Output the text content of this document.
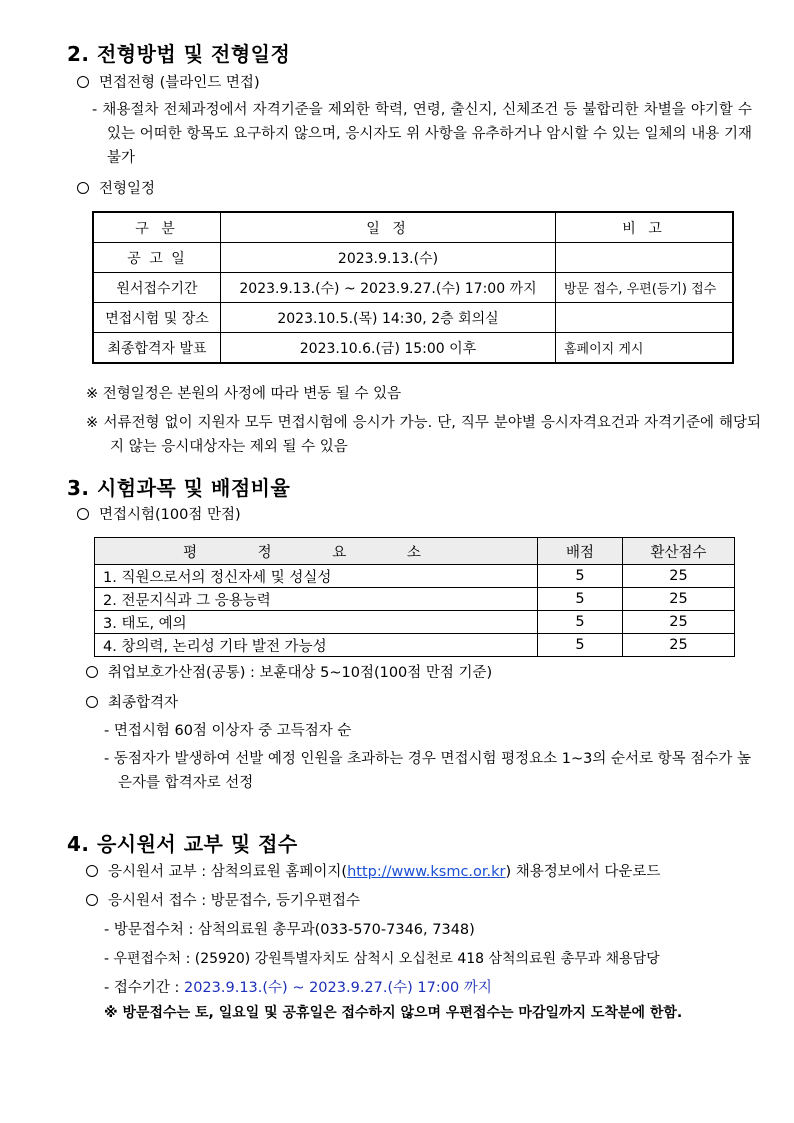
2. 전형방법 및 전형일정
면접전형 (블라인드 면접)
- 채용절차 전체과정에서 자격기준을 제외한 학력, 연령, 출신지, 신체조건 등 불합리한 차별을 야기할 수 있는 어떠한 항목도 요구하지 않으며, 응시자도 위 사항을 유추하거나 암시할 수 있는 일체의 내용 기재 불가
전형일정
구 분	일 정	비 고
공 고 일	2023.9.13.(수)	
원서접수기간	2023.9.13.(수) ~ 2023.9.27.(수) 17:00 까지	방문 접수, 우편(등기) 접수
면접시험 및 장소	2023.10.5.(목) 14:30, 2층 회의실	
최종합격자 발표	2023.10.6.(금) 15:00 이후	홈페이지 게시
※ 전형일정은 본원의 사정에 따라 변동 될 수 있음
※ 서류전형 없이 지원자 모두 면접시험에 응시가 가능. 단, 직무 분야별 응시자격요건과 자격기준에 해당되지 않는 응시대상자는 제외 될 수 있음
3. 시험과목 및 배점비율
면접시험(100점 만점)
평 정 요 소	배점	환산점수
1. 직원으로서의 정신자세 및 성실성	5	25
2. 전문지식과 그 응용능력	5	25
3. 태도, 예의	5	25
4. 창의력, 논리성 기타 발전 가능성	5	25
취업보호가산점(공통) : 보훈대상 5~10점(100점 만점 기준)
최종합격자
- 면접시험 60점 이상자 중 고득점자 순
- 동점자가 발생하여 선발 예정 인원을 초과하는 경우 면접시험 평정요소 1~3의 순서로 항목 점수가 높은자를 합격자로 선정
4. 응시원서 교부 및 접수
응시원서 교부 : 삼척의료원 홈페이지(http://www.ksmc.or.kr) 채용정보에서 다운로드
응시원서 접수 : 방문접수, 등기우편접수
- 방문접수처 : 삼척의료원 총무과(033-570-7346, 7348)
- 우편접수처 : (25920) 강원특별자치도 삼척시 오십천로 418 삼척의료원 총무과 채용담당
- 접수기간 : 2023.9.13.(수) ~ 2023.9.27.(수) 17:00 까지
※ 방문접수는 토, 일요일 및 공휴일은 접수하지 않으며 우편접수는 마감일까지 도착분에 한함.
